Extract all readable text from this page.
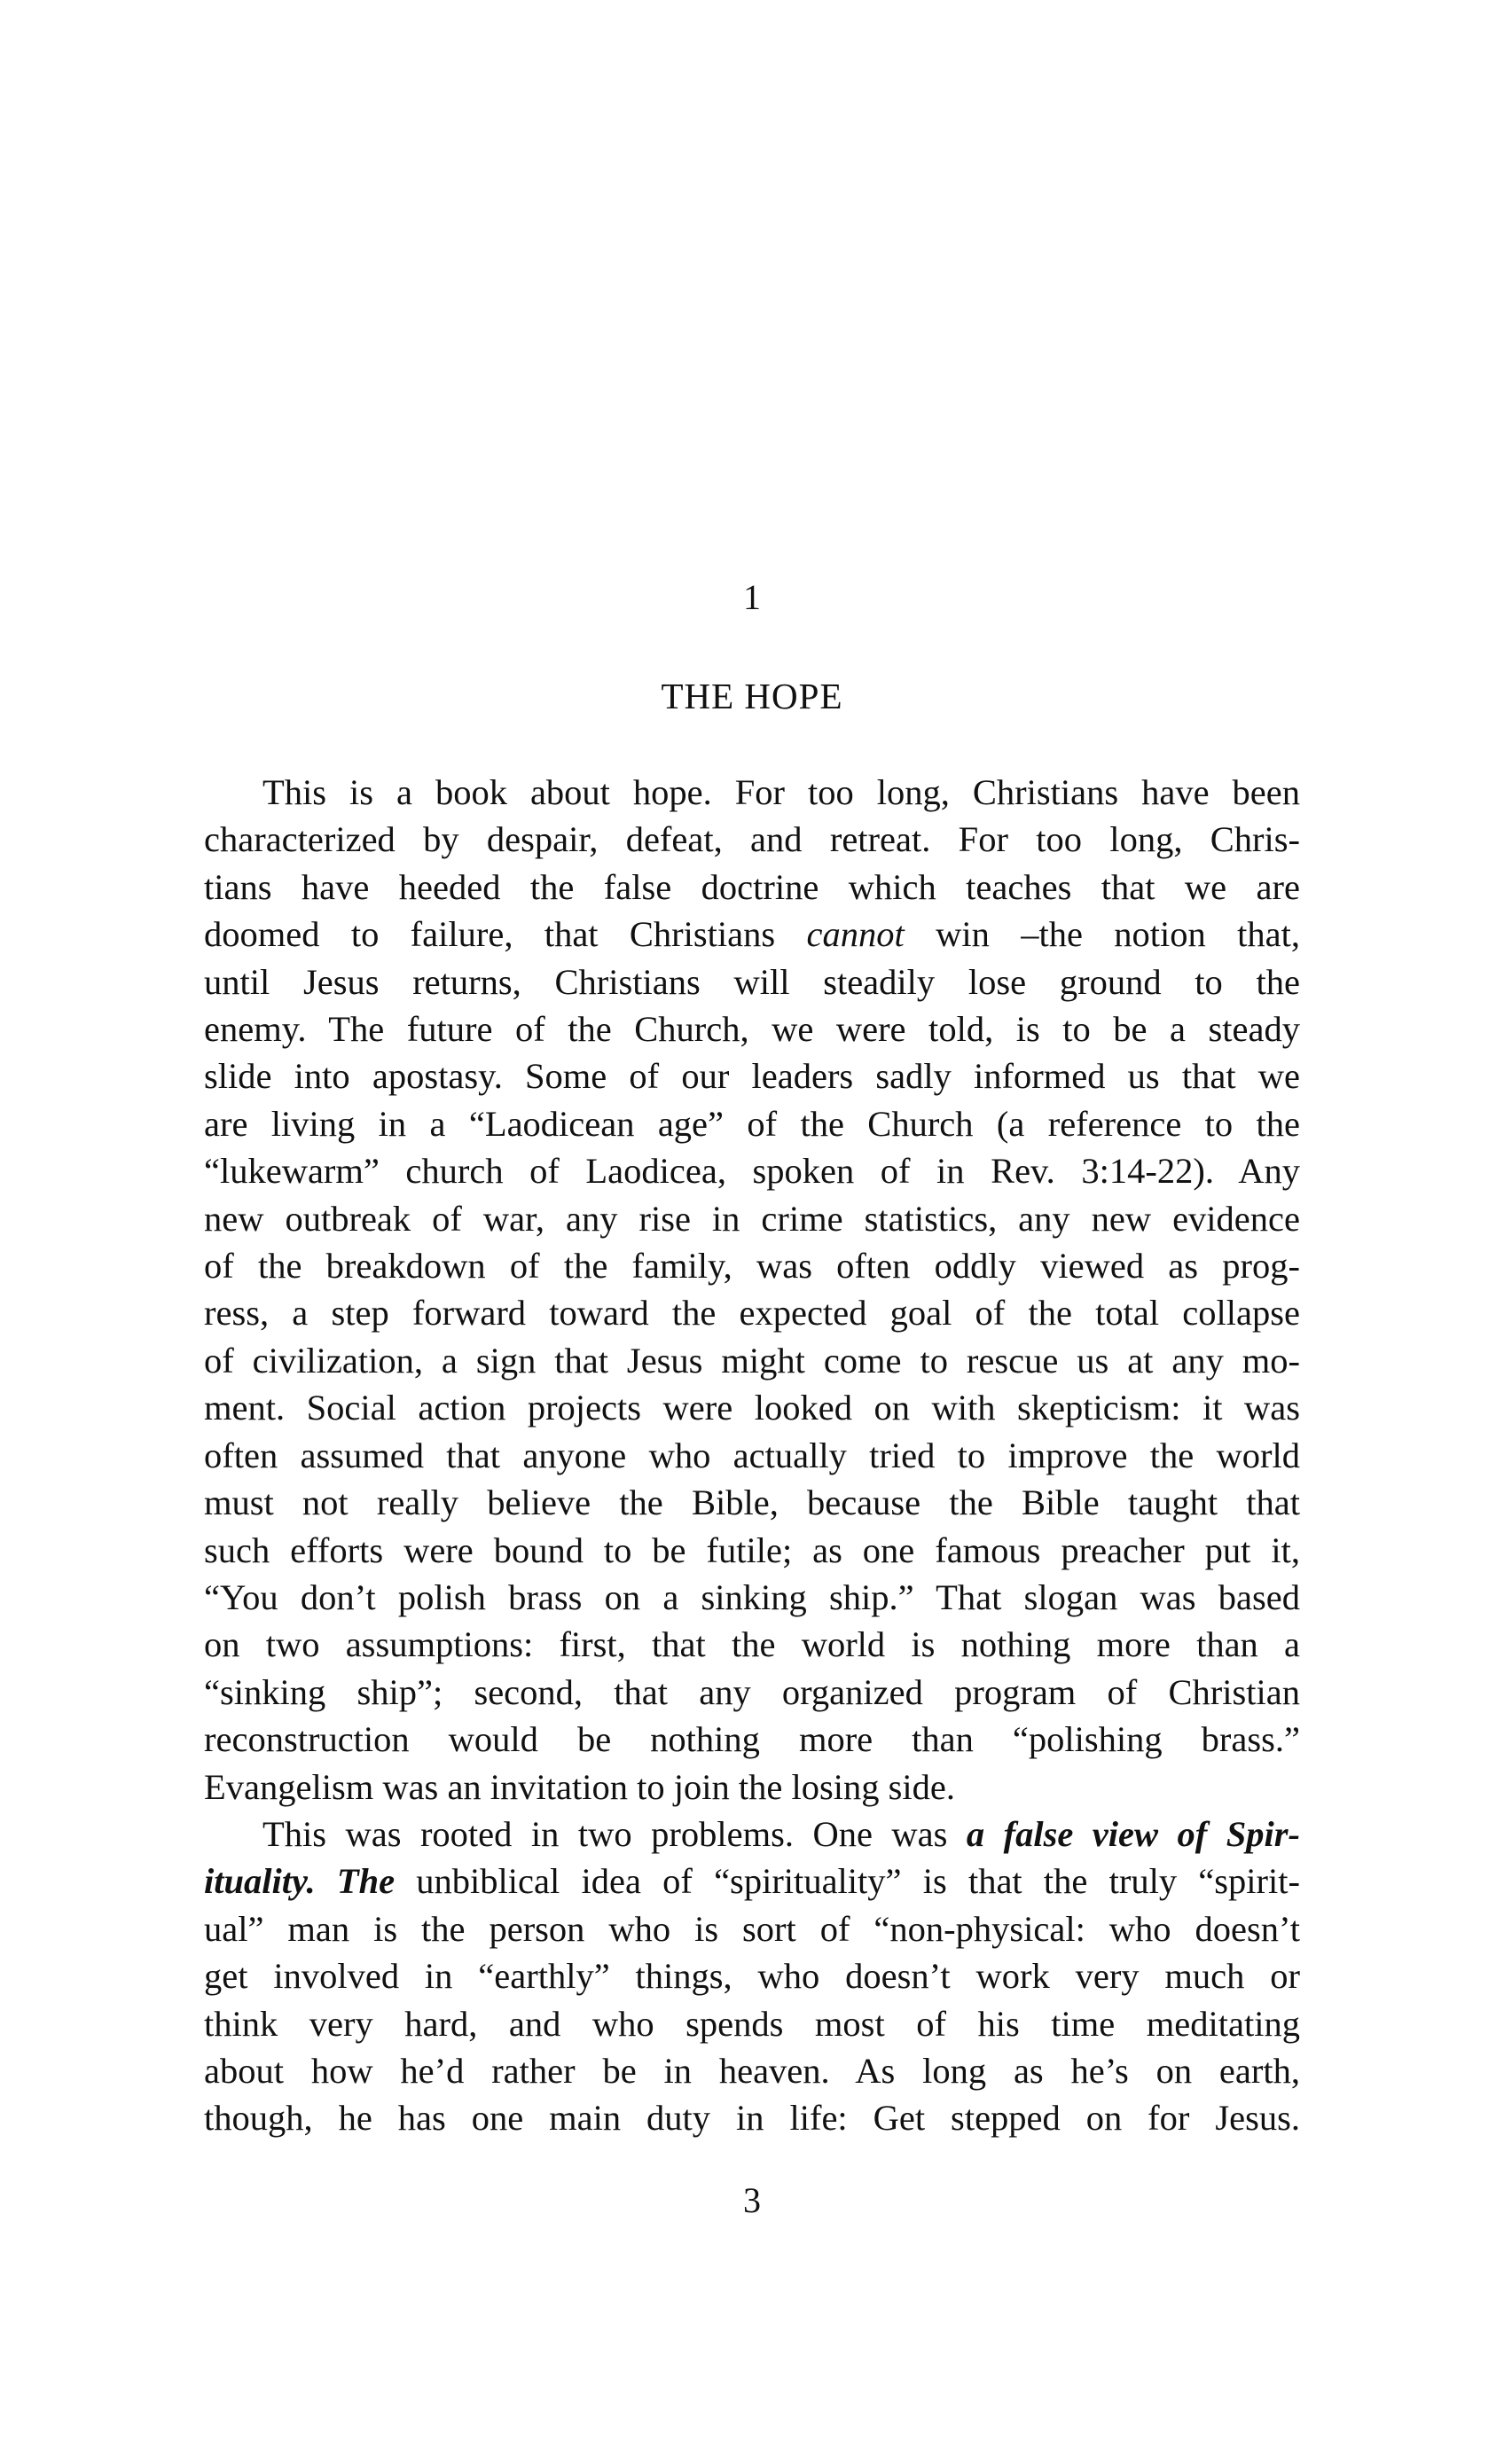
1
THE HOPE
This is a book about hope. For too long, Christians have been
characterized by despair, defeat, and retreat. For too long, Chris-
tians have heeded the false doctrine which teaches that we are
doomed to failure, that Christians cannot win –the notion that,
until Jesus returns, Christians will steadily lose ground to the
enemy. The future of the Church, we were told, is to be a steady
slide into apostasy. Some of our leaders sadly informed us that we
are living in a “Laodicean age” of the Church (a reference to the
“lukewarm” church of Laodicea, spoken of in Rev. 3:14-22). Any
new outbreak of war, any rise in crime statistics, any new evidence
of the breakdown of the family, was often oddly viewed as prog-
ress, a step forward toward the expected goal of the total collapse
of civilization, a sign that Jesus might come to rescue us at any mo-
ment. Social action projects were looked on with skepticism: it was
often assumed that anyone who actually tried to improve the world
must not really believe the Bible, because the Bible taught that
such efforts were bound to be futile; as one famous preacher put it,
“You don’t polish brass on a sinking ship.” That slogan was based
on two assumptions: first, that the world is nothing more than a
“sinking ship”; second, that any organized program of Christian
reconstruction would be nothing more than “polishing brass.”
Evangelism was an invitation to join the losing side.
This was rooted in two problems. One was a false view of Spir-
ituality. The unbiblical idea of “spirituality” is that the truly “spirit-
ual” man is the person who is sort of “non-physical: who doesn’t
get involved in “earthly” things, who doesn’t work very much or
think very hard, and who spends most of his time meditating
about how he’d rather be in heaven. As long as he’s on earth,
though, he has one main duty in life: Get stepped on for Jesus.
3
